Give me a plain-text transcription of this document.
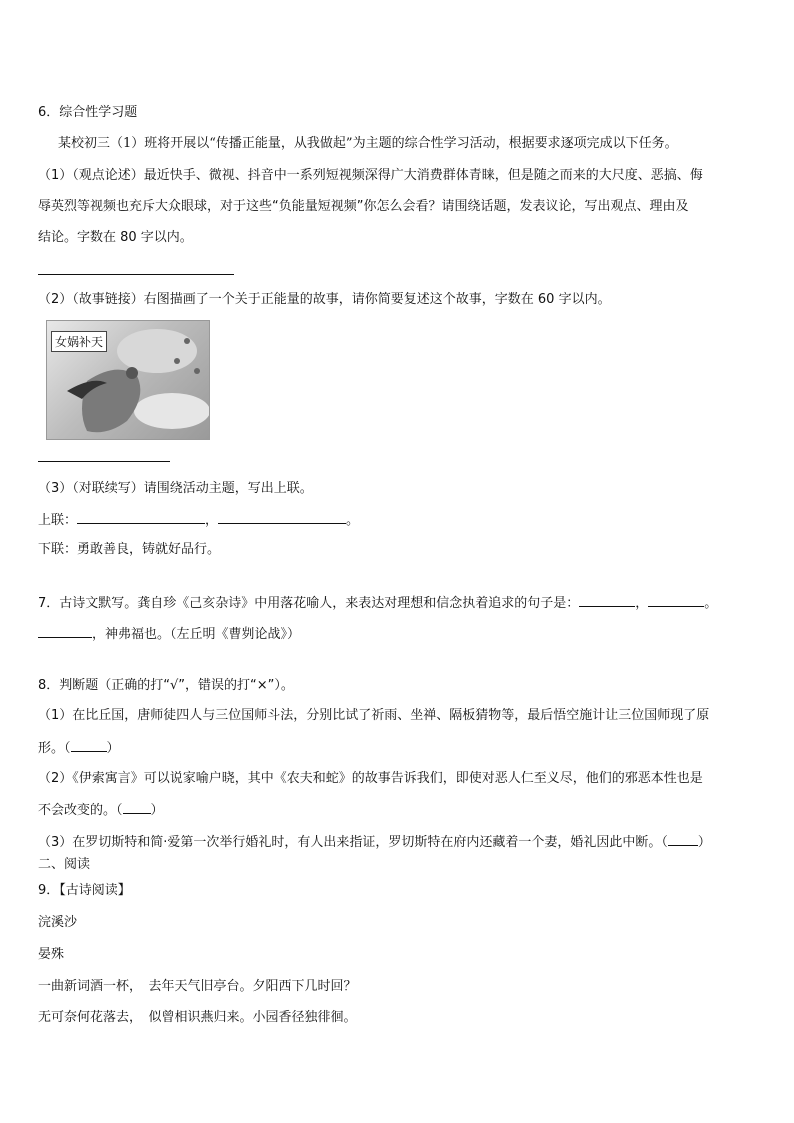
6．综合性学习题
某校初三（1）班将开展以“传播正能量，从我做起”为主题的综合性学习活动，根据要求逐项完成以下任务。
（1）（观点论述）最近快手、微视、抖音中一系列短视频深得广大消费群体青睐，但是随之而来的大尺度、恶搞、侮
辱英烈等视频也充斥大众眼球，对于这些“负能量短视频”你怎么会看？请围绕话题，发表议论，写出观点、理由及
结论。字数在 80 字以内。
（2）（故事链接）右图描画了一个关于正能量的故事，请你简要复述这个故事，字数在 60 字以内。
女娲补天
（3）（对联续写）请围绕活动主题，写出上联。
上联：	，	。
下联：勇敢善良，铸就好品行。
7．古诗文默写。龚自珍《己亥杂诗》中用落花喻人，来表达对理想和信念执着追求的句子是：	，	。
，神弗福也。（左丘明《曹刿论战》）
8．判断题（正确的打“√”，错误的打“×”）。
（1）在比丘国，唐师徒四人与三位国师斗法，分别比试了祈雨、坐禅、隔板猜物等，最后悟空施计让三位国师现了原
形。（	）
（2）《伊索寓言》可以说家喻户晓，其中《农夫和蛇》的故事告诉我们，即使对恶人仁至义尽，他们的邪恶本性也是
不会改变的。（ ）
（3）在罗切斯特和简·爱第一次举行婚礼时，有人出来指证，罗切斯特在府内还藏着一个妻，婚礼因此中断。（ ）
二、阅读
9．【古诗阅读】
浣溪沙
晏殊
一曲新词酒一杯，　去年天气旧亭台。夕阳西下几时回？
无可奈何花落去，　似曾相识燕归来。小园香径独徘徊。
